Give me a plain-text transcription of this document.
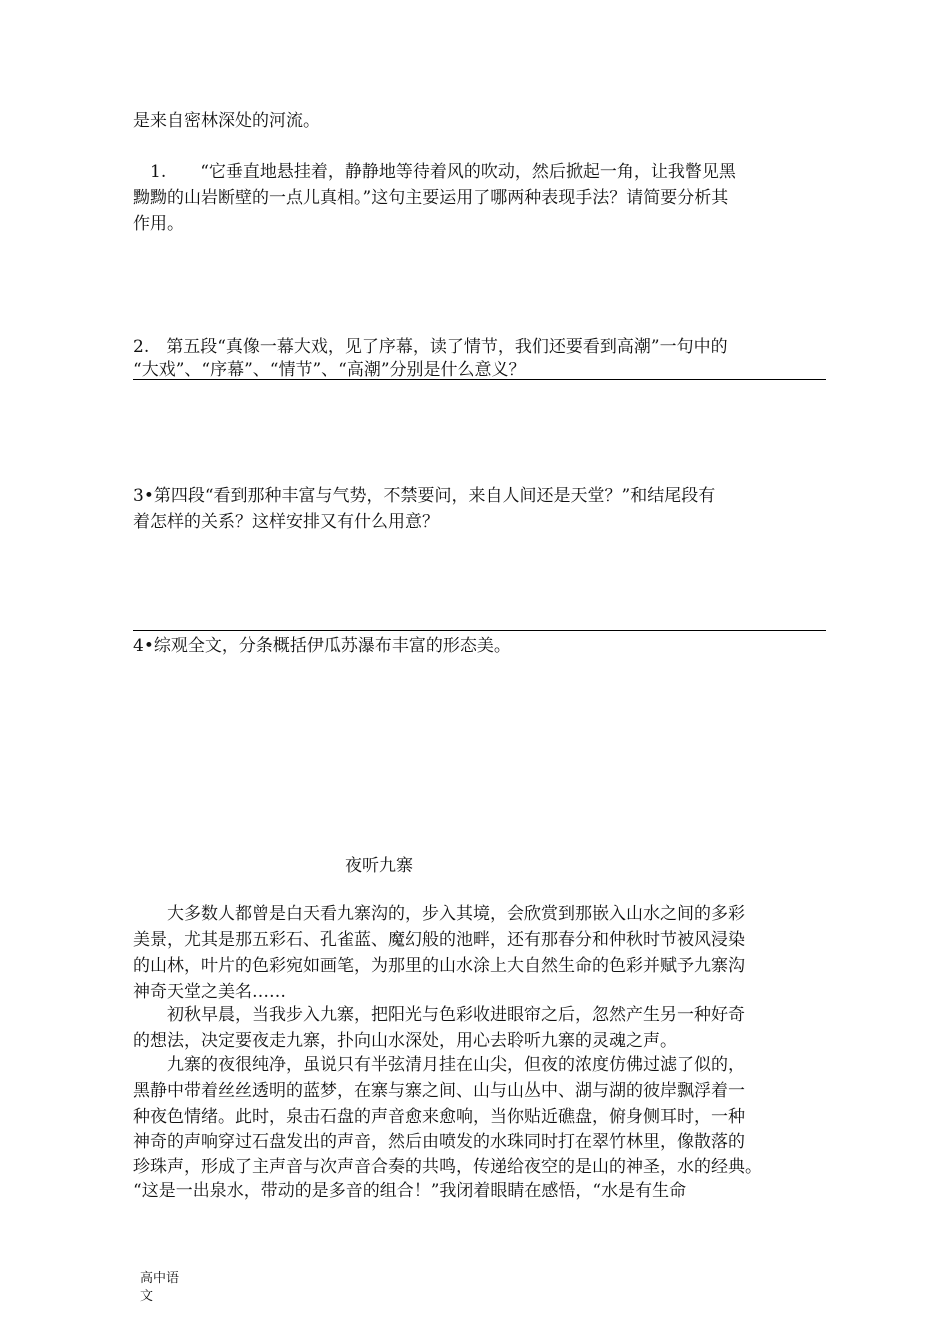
是来自密林深处的河流。
1.　　“它垂直地悬挂着，静静地等待着风的吹动，然后掀起一角，让我瞥见黑
黝黝的山岩断壁的一点儿真相。”这句主要运用了哪两种表现手法？请简要分析其
作用。
2.　第五段“真像一幕大戏，见了序幕，读了情节，我们还要看到高潮”一句中的
“大戏”、“序幕”、“情节”、“高潮”分别是什么意义？
3•第四段“看到那种丰富与气势，不禁要问，来自人间还是天堂？”和结尾段有
着怎样的关系？这样安排又有什么用意？
4•综观全文，分条概括伊瓜苏瀑布丰富的形态美。
夜听九寨
大多数人都曾是白天看九寨沟的，步入其境，会欣赏到那嵌入山水之间的多彩
美景，尤其是那五彩石、孔雀蓝、魔幻般的池畔，还有那春分和仲秋时节被风浸染
的山林，叶片的色彩宛如画笔，为那里的山水涂上大自然生命的色彩并赋予九寨沟
神奇天堂之美名……
初秋早晨，当我步入九寨，把阳光与色彩收进眼帘之后，忽然产生另一种好奇
的想法，决定要夜走九寨，扑向山水深处，用心去聆听九寨的灵魂之声。
九寨的夜很纯净，虽说只有半弦清月挂在山尖，但夜的浓度仿佛过滤了似的，
黑静中带着丝丝透明的蓝梦，在寨与寨之间、山与山丛中、湖与湖的彼岸飘浮着一
种夜色情绪。此时，泉击石盘的声音愈来愈响，当你贴近礁盘，俯身侧耳时，一种
神奇的声响穿过石盘发出的声音，然后由喷发的水珠同时打在翠竹林里，像散落的
珍珠声，形成了主声音与次声音合奏的共鸣，传递给夜空的是山的神圣，水的经典。
“这是一出泉水，带动的是多音的组合！”我闭着眼睛在感悟，“水是有生命
高中语
文
